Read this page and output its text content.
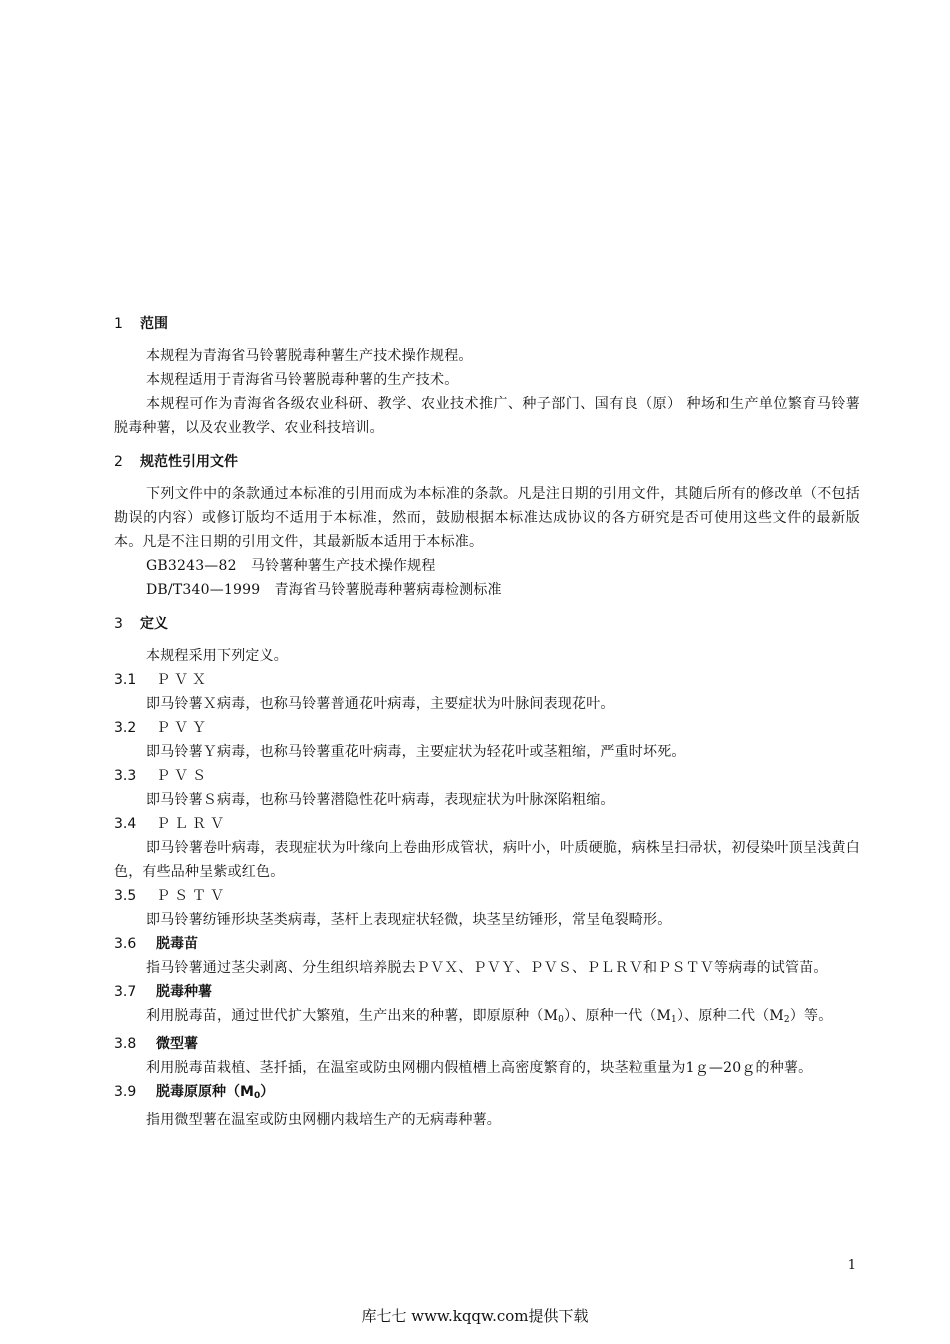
1 范围

本规程为青海省马铃薯脱毒种薯生产技术操作规程。

本规程适用于青海省马铃薯脱毒种薯的生产技术。

本规程可作为青海省各级农业科研、教学、农业技术推广、种子部门、国有良（原） 种场和生产单位繁育马铃薯脱毒种薯，以及农业教学、农业科技培训。

2 规范性引用文件

下列文件中的条款通过本标准的引用而成为本标准的条款。凡是注日期的引用文件，其随后所有的修改单（不包括勘误的内容）或修订版均不适用于本标准，然而，鼓励根据本标准达成协议的各方研究是否可使用这些文件的最新版本。凡是不注日期的引用文件，其最新版本适用于本标准。

GB3243—82　马铃薯种薯生产技术操作规程

DB/T340—1999　青海省马铃薯脱毒种薯病毒检测标准

3 定义

本规程采用下列定义。

3.1 ＰＶＸ

即马铃薯Ｘ病毒，也称马铃薯普通花叶病毒，主要症状为叶脉间表现花叶。

3.2 ＰＶＹ

即马铃薯Ｙ病毒，也称马铃薯重花叶病毒，主要症状为轻花叶或茎粗缩，严重时坏死。

3.3 ＰＶＳ

即马铃薯Ｓ病毒，也称马铃薯潜隐性花叶病毒，表现症状为叶脉深陷粗缩。

3.4 ＰＬＲＶ

即马铃薯卷叶病毒，表现症状为叶缘向上卷曲形成管状，病叶小，叶质硬脆，病株呈扫帚状，初侵染叶顶呈浅黄白色，有些品种呈紫或红色。

3.5 ＰＳＴＶ

即马铃薯纺锤形块茎类病毒，茎杆上表现症状轻微，块茎呈纺锤形，常呈龟裂畸形。

3.6 脱毒苗

指马铃薯通过茎尖剥离、分生组织培养脱去ＰＶＸ、ＰＶＹ、ＰＶＳ、ＰＬＲＶ和ＰＳＴＶ等病毒的试管苗。

3.7 脱毒种薯

利用脱毒苗，通过世代扩大繁殖，生产出来的种薯，即原原种$(M_0)$、原种一代$(M_1)$、原种二代$(M_2)$等。

3.8 微型薯

利用脱毒苗栽植、茎扦插，在温室或防虫网棚内假植槽上高密度繁育的，块茎粒重量为1ｇ—20ｇ的种薯。

3.9 脱毒原原种$(M_0)$

指用微型薯在温室或防虫网棚内栽培生产的无病毒种薯。

1
库七七 www.kqqw.com提供下载
